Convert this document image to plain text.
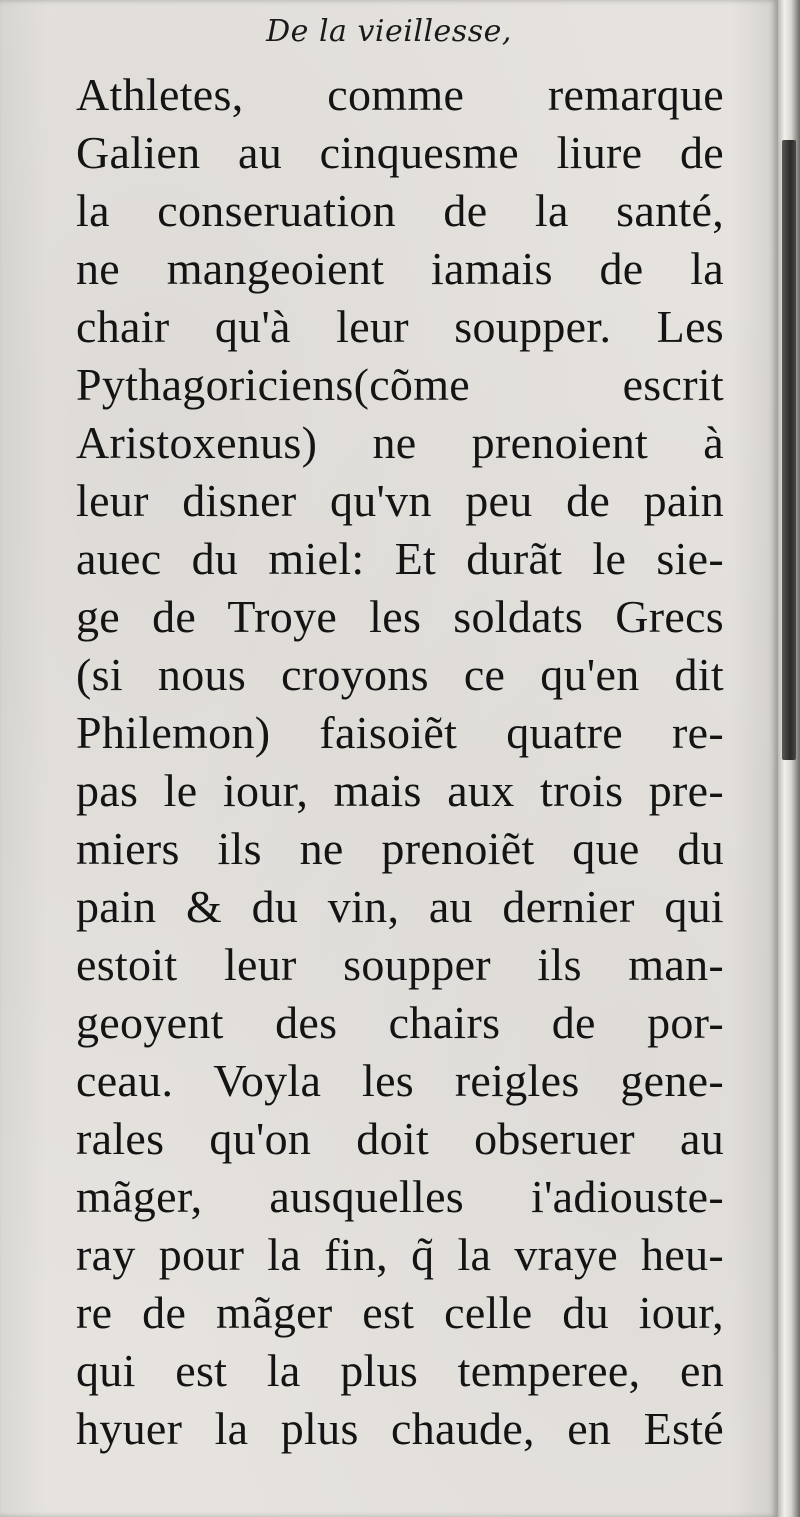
De la vieillesse,
Athletes, comme remarque
Galien au cinquesme liure de
la conseruation de la santé,
ne mangeoient iamais de la
chair qu'à leur soupper. Les
Pythagoriciens(cõme escrit
Aristoxenus) ne prenoient à
leur disner qu'vn peu de pain
auec du miel: Et durãt le sie-
ge de Troye les soldats Grecs
(si nous croyons ce qu'en dit
Philemon) faisoiẽt quatre re-
pas le iour, mais aux trois pre-
miers ils ne prenoiẽt que du
pain & du vin, au dernier qui
estoit leur soupper ils man-
geoyent des chairs de por-
ceau. Voyla les reigles gene-
rales qu'on doit obseruer au
mãger, ausquelles i'adiouste-
ray pour la fin, q̃ la vraye heu-
re de mãger est celle du iour,
qui est la plus temperee, en
hyuer la plus chaude, en Esté
